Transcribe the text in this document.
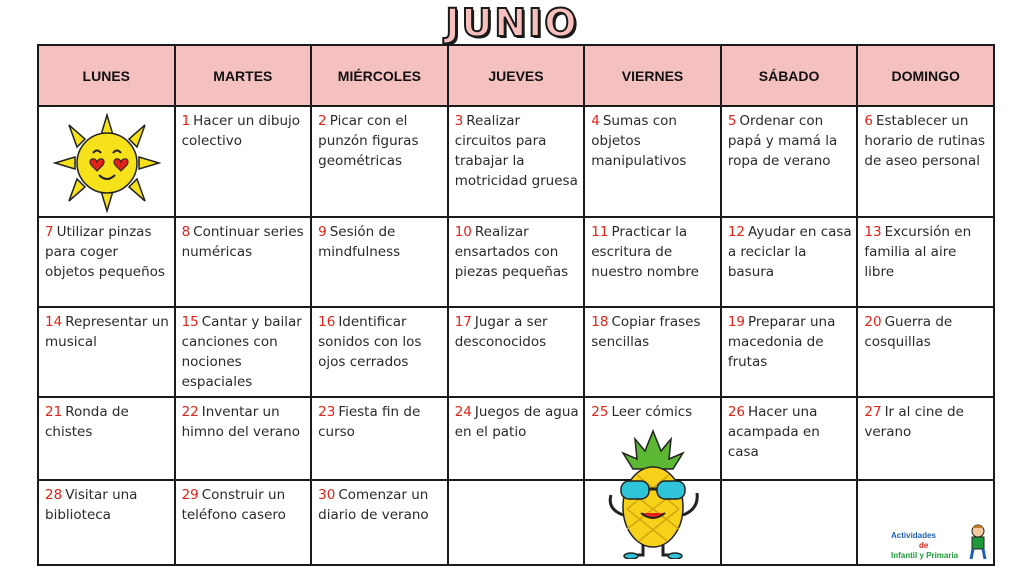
JUNIO
LUNES	MARTES	MIÉRCOLES	JUEVES	VIERNES	SÁBADO	DOMINGO

	1 Hacer un dibujo colectivo	2 Picar con el punzón figuras geométricas	3 Realizar circuitos para trabajar la motricidad gruesa	4 Sumas con objetos manipulativos	5 Ordenar con papá y mamá la ropa de verano	6 Establecer un horario de rutinas de aseo personal
7 Utilizar pinzas para coger objetos pequeños	8 Continuar series numéricas	9 Sesión de mindfulness	10 Realizar ensartados con piezas pequeñas	11 Practicar la escritura de nuestro nombre	12 Ayudar en casa a reciclar la basura	13 Excursión en familia al aire libre
14 Representar un musical	15 Cantar y bailar canciones con nociones espaciales	16 Identificar sonidos con los ojos cerrados	17 Jugar a ser desconocidos	18 Copiar frases sencillas	19 Preparar una macedonia de frutas	20 Guerra de cosquillas
21 Ronda de chistes	22 Inventar un himno del verano	23 Fiesta fin de curso	24 Juegos de agua en el patio	25 Leer cómics	26 Hacer una acampada en casa	27 Ir al cine de verano
28 Visitar una biblioteca	29 Construir un teléfono casero	30 Comenzar un diario de verano				Actividades
de
Infantil y Primaria
